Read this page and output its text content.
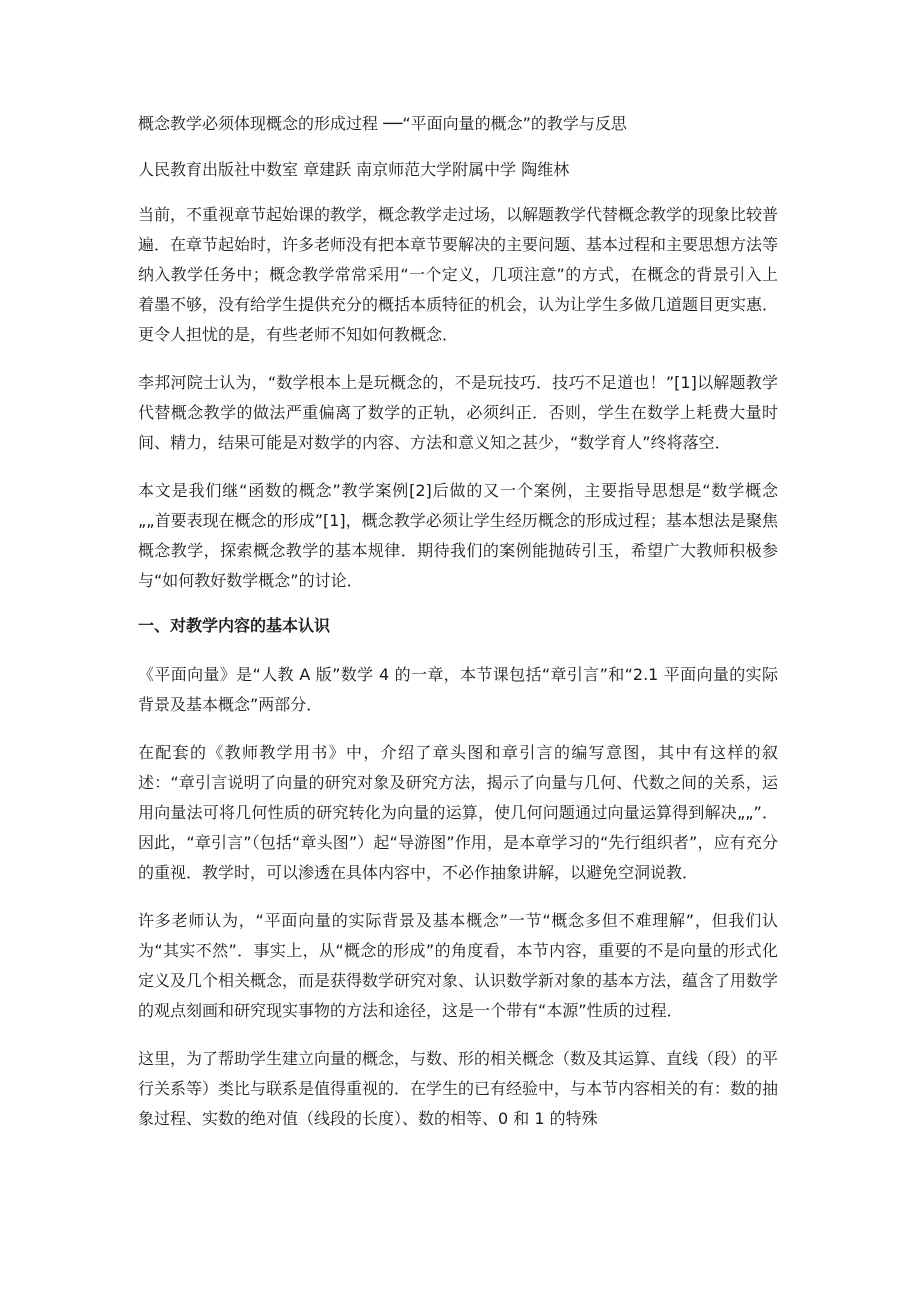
概念教学必须体现概念的形成过程 ──“平面向量的概念”的教学与反思
人民教育出版社中数室 章建跃 南京师范大学附属中学 陶维林

当前，不重视章节起始课的教学，概念教学走过场，以解题教学代替概念教学的现象比较普遍．在章节起始时，许多老师没有把本章节要解决的主要问题、基本过程和主要思想方法等纳入教学任务中；概念教学常常采用“一个定义，几项注意”的方式，在概念的背景引入上着墨不够，没有给学生提供充分的概括本质特征的机会，认为让学生多做几道题目更实惠．更令人担忧的是，有些老师不知如何教概念．

李邦河院士认为，“数学根本上是玩概念的，不是玩技巧．技巧不足道也！”[1]以解题教学代替概念教学的做法严重偏离了数学的正轨，必须纠正．否则，学生在数学上耗费大量时间、精力，结果可能是对数学的内容、方法和意义知之甚少，“数学育人”终将落空．

本文是我们继“函数的概念”教学案例[2]后做的又一个案例，主要指导思想是“数学概念„„首要表现在概念的形成”[1]，概念教学必须让学生经历概念的形成过程；基本想法是聚焦概念教学，探索概念教学的基本规律．期待我们的案例能抛砖引玉，希望广大教师积极参与“如何教好数学概念”的讨论．

一、对教学内容的基本认识

《平面向量》是“人教 A 版”数学 4 的一章，本节课包括“章引言”和“2.1 平面向量的实际背景及基本概念”两部分．

在配套的《教师教学用书》中，介绍了章头图和章引言的编写意图，其中有这样的叙述：“章引言说明了向量的研究对象及研究方法，揭示了向量与几何、代数之间的关系，运用向量法可将几何性质的研究转化为向量的运算，使几何问题通过向量运算得到解决„„”．因此，“章引言”（包括“章头图”）起“导游图”作用，是本章学习的“先行组织者”，应有充分的重视．教学时，可以渗透在具体内容中，不必作抽象讲解，以避免空洞说教．

许多老师认为，“平面向量的实际背景及基本概念”一节“概念多但不难理解”，但我们认为“其实不然”．事实上，从“概念的形成”的角度看，本节内容，重要的不是向量的形式化定义及几个相关概念，而是获得数学研究对象、认识数学新对象的基本方法，蕴含了用数学的观点刻画和研究现实事物的方法和途径，这是一个带有“本源”性质的过程．

这里，为了帮助学生建立向量的概念，与数、形的相关概念（数及其运算、直线（段）的平行关系等）类比与联系是值得重视的．在学生的已有经验中，与本节内容相关的有：数的抽象过程、实数的绝对值（线段的长度）、数的相等、0 和 1 的特殊
